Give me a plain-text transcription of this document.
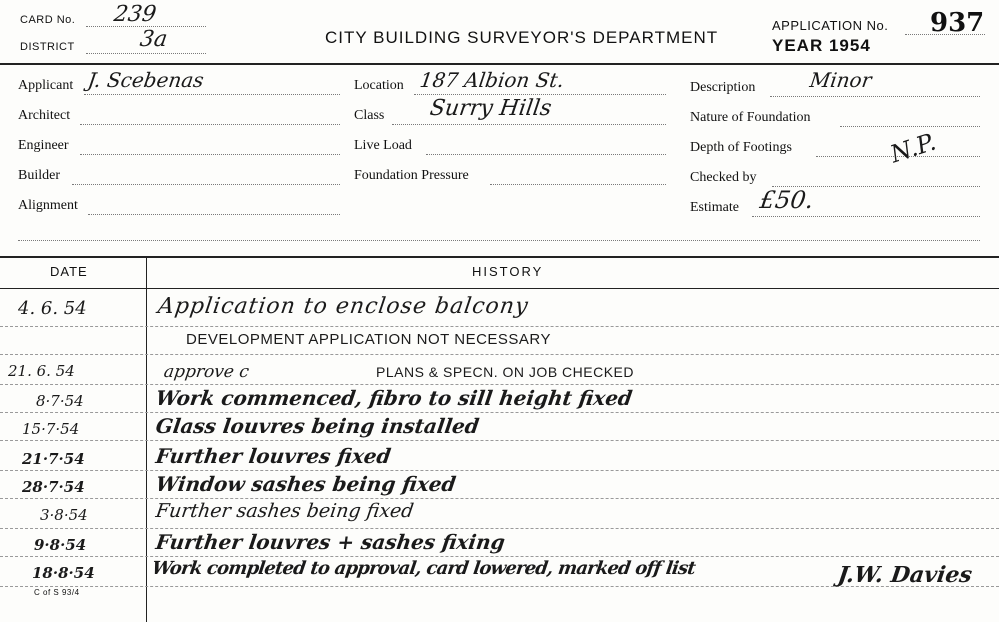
CARD No. 239
DISTRICT	3a	CITY BUILDING SURVEYOR'S DEPARTMENT
APPLICATION No. 937
YEAR 1954
Applicant J. Scebenas
Architect
Engineer
Builder
Alignment
Location 187 Albion St.
Class Surry Hills
Live Load
Foundation Pressure
Description	Minor
Nature of Foundation
Depth of Footings	N.P.
Checked by
Estimate £50.
DATE	HISTORY
4. 6. 54	Application to enclose balcony
DEVELOPMENT APPLICATION NOT NECESSARY
21. 6. 54	approve c	PLANS & SPECN. ON JOB CHECKED
8·7·54	Work commenced, fibro to sill height fixed
15·7·54	Glass louvres being installed
21·7·54	Further louvres fixed
28·7·54	Window sashes being fixed
3·8·54	Further sashes being fixed
9·8·54	Further louvres + sashes fixing
18·8·54	Work completed to approval, card lowered, marked off list	J.W. Davies
C of S 93/4
